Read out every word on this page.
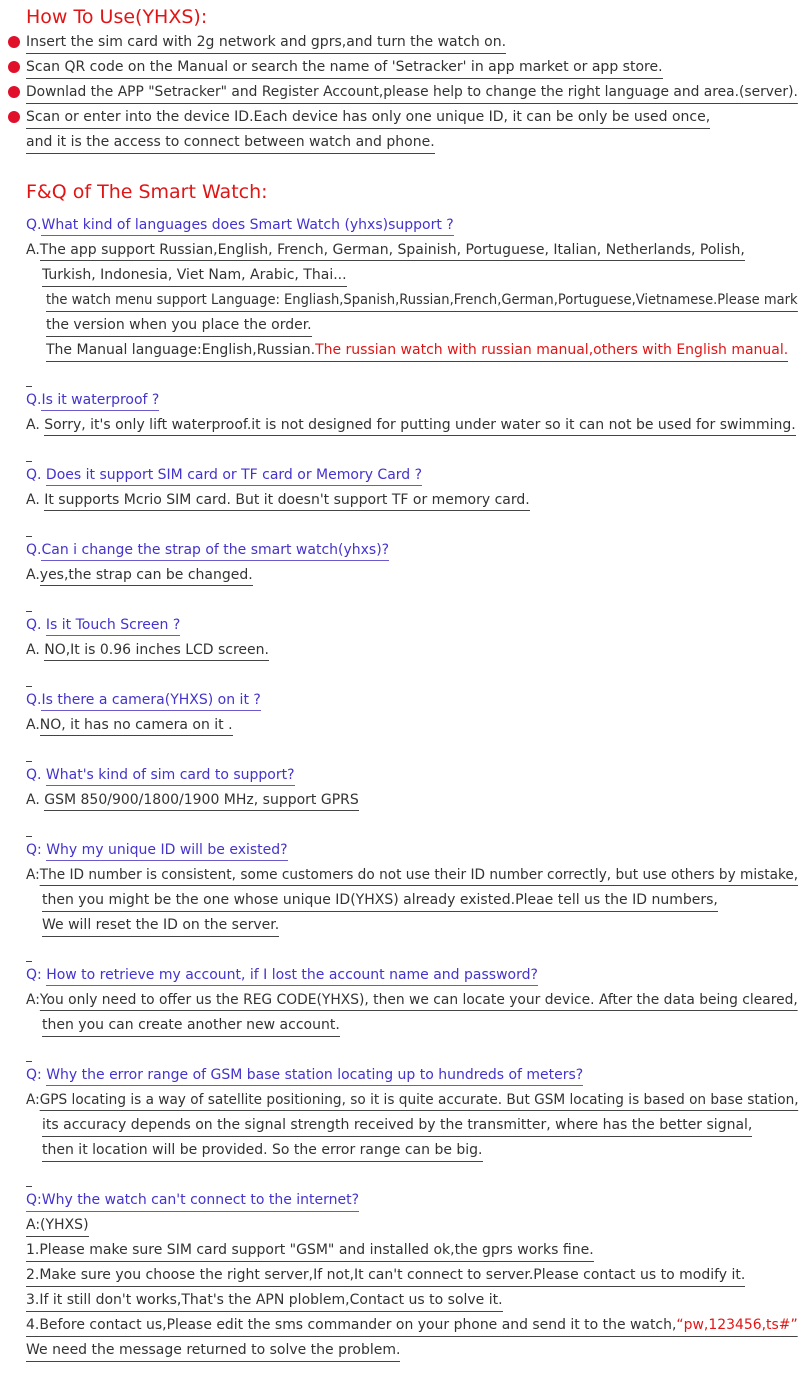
How To Use(YHXS):
Insert the sim card with 2g network and gprs,and turn the watch on.
Scan QR code on the Manual or search the name of 'Setracker' in app market or app store.
Downlad the APP "Setracker" and Register Account,please help to change the right language and area.(server).
Scan or enter into the device ID.Each device has only one unique ID, it can be only be used once,
and it is the access to connect between watch and phone.
F&Q of The Smart Watch:
Q.What kind of languages does Smart Watch (yhxs)support ?
A.The app support Russian,English, French, German, Spainish, Portuguese, Italian, Netherlands, Polish,
Turkish, Indonesia, Viet Nam, Arabic, Thai...
the watch menu support Language: Engliash,Spanish,Russian,French,German,Portuguese,Vietnamese.Please mark
the version when you place the order.
The Manual language:English,Russian.The russian watch with russian manual,others with English manual.
Q.Is it waterproof ?
A. Sorry, it's only lift waterproof.it is not designed for putting under water so it can not be used for swimming.
Q. Does it support SIM card or TF card or Memory Card ?
A. It supports Mcrio SIM card. But it doesn't support TF or memory card.
Q.Can i change the strap of the smart watch(yhxs)?
A.yes,the strap can be changed.
Q. Is it Touch Screen ?
A. NO,It is 0.96 inches LCD screen.
Q.Is there a camera(YHXS) on it ?
A.NO, it has no camera on it .
Q. What's kind of sim card to support?
A. GSM 850/900/1800/1900 MHz, support GPRS
Q: Why my unique ID will be existed?
A:The ID number is consistent, some customers do not use their ID number correctly, but use others by mistake,
then you might be the one whose unique ID(YHXS) already existed.Pleae tell us the ID numbers,
We will reset the ID on the server.
Q: How to retrieve my account, if I lost the account name and password?
A:You only need to offer us the REG CODE(YHXS), then we can locate your device. After the data being cleared,
then you can create another new account.
Q: Why the error range of GSM base station locating up to hundreds of meters?
A:GPS locating is a way of satellite positioning, so it is quite accurate. But GSM locating is based on base station,
its accuracy depends on the signal strength received by the transmitter, where has the better signal,
then it location will be provided. So the error range can be big.
Q:Why the watch can't connect to the internet?
A:(YHXS)
1.Please make sure SIM card support "GSM" and installed ok,the gprs works fine.
2.Make sure you choose the right server,If not,It can't connect to server.Please contact us to modify it.
3.If it still don't works,That's the APN ploblem,Contact us to solve it.
4.Before contact us,Please edit the sms commander on your phone and send it to the watch,“pw,123456,ts#”
We need the message returned to solve the problem.
